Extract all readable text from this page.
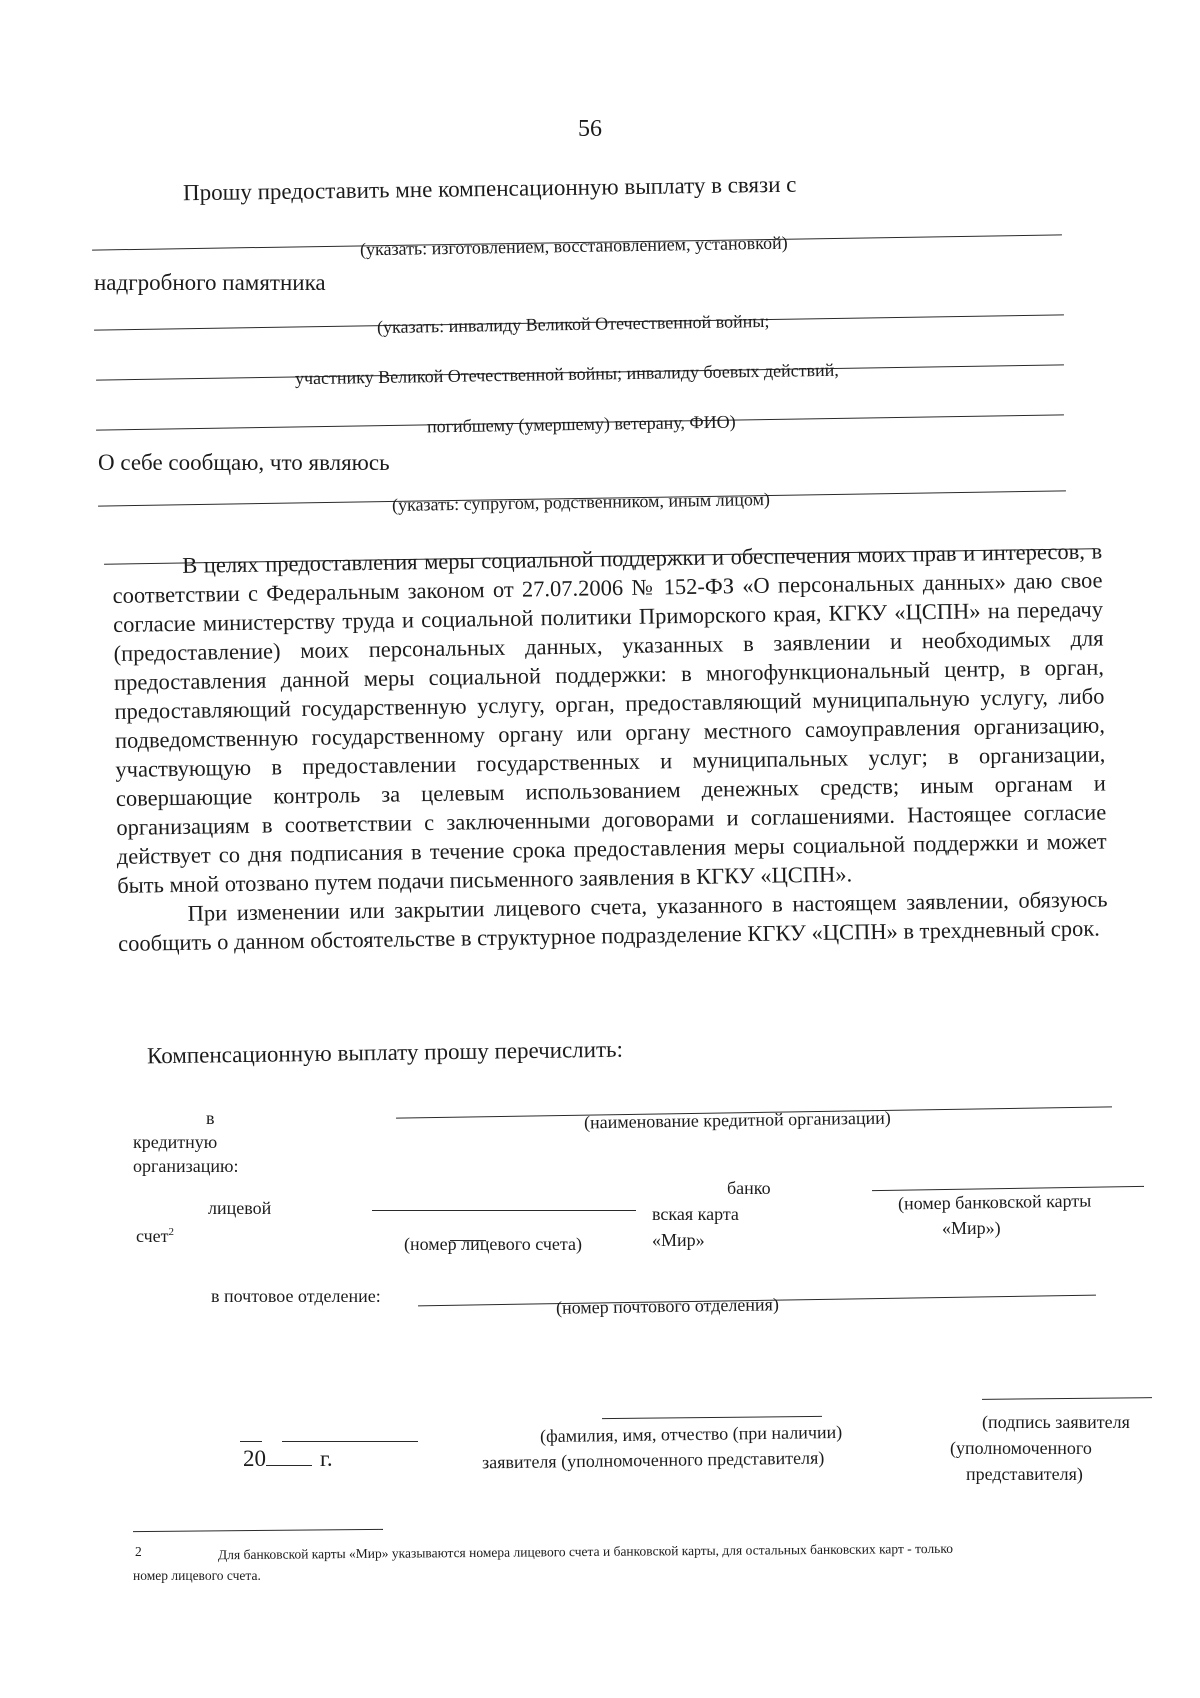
56
Прошу предоставить мне компенсационную выплату в связи с
(указать: изготовлением, восстановлением, установкой)
надгробного памятника
(указать: инвалиду Великой Отечественной войны;
участнику Великой Отечественной войны; инвалиду боевых действий,
погибшему (умершему) ветерану, ФИО)
О себе сообщаю, что являюсь
(указать: супругом, родственником, иным лицом)

В целях предоставления меры социальной поддержки и обеспечения моих прав и интересов, в соответствии с Федеральным законом от 27.07.2006 № 152-ФЗ «О персональных данных» даю свое согласие министерству труда и социальной политики Приморского края, КГКУ «ЦСПН» на передачу (предоставление) моих персональных данных, указанных в заявлении и необходимых для предоставления данной меры социальной поддержки: в многофункциональный центр, в орган, предоставляющий государственную услугу, орган, предоставляющий муниципальную услугу, либо подведомственную государственному органу или органу местного самоуправления организацию, участвующую в предоставлении государственных и муниципальных услуг; в организации, совершающие контроль за целевым использованием денежных средств; иным органам и организациям в соответствии с заключенными договорами и соглашениями. Настоящее согласие действует со дня подписания в течение срока предоставления меры социальной поддержки и может быть мной отозвано путем подачи письменного заявления в КГКУ «ЦСПН».

При изменении или закрытии лицевого счета, указанного в настоящем заявлении, обязуюсь сообщить о данном обстоятельстве в структурное подразделение КГКУ «ЦСПН» в трехдневный срок.

Компенсационную выплату прошу перечислить:
в
кредитную
организацию:
(наименование кредитной организации)
лицевой
счет$^2$
(номер лицевого счета)
банко
вская карта
«Мир»
(номер банковской карты
«Мир»)
в почтовое отделение:	(номер почтового отделения)
20 г.
(фамилия, имя, отчество (при наличии)
заявителя (уполномоченного представителя)
(подпись заявителя
(уполномоченного
представителя)
2	Для банковской карты «Мир» указываются номера лицевого счета и банковской карты, для остальных банковских карт - только
номер лицевого счета.
